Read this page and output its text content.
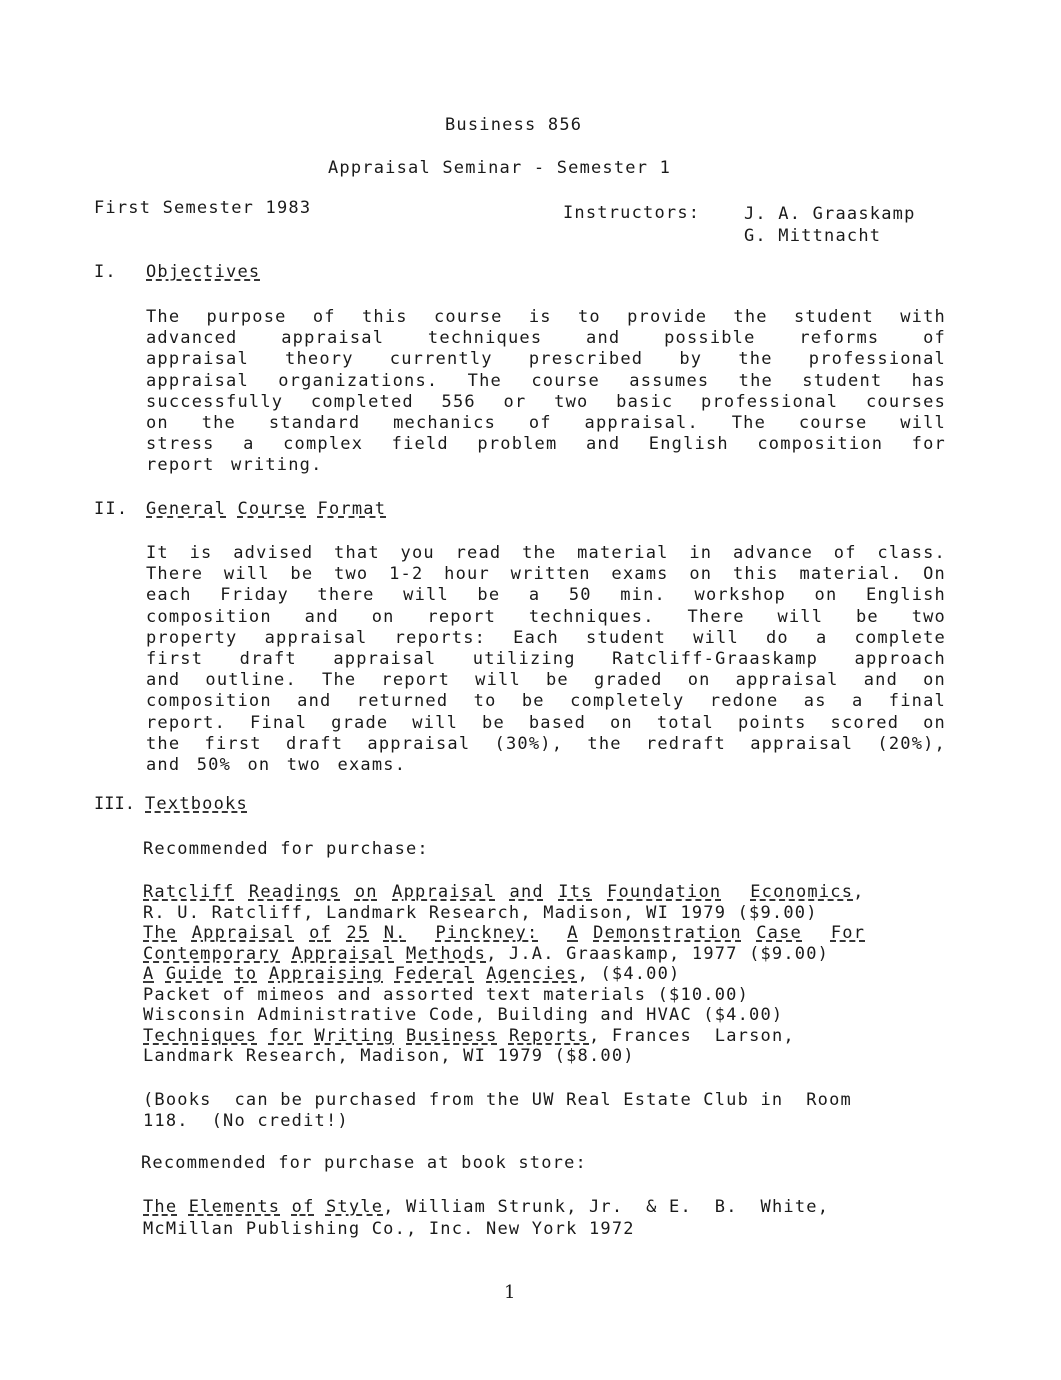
Business 856
Appraisal Seminar - Semester 1
First Semester 1983	Instructors:	J. A. Graaskamp
G. Mittnacht
I. Objectives
The purpose of this course is to provide the student with
advanced appraisal techniques and possible reforms of
appraisal theory currently prescribed by the professional
appraisal organizations. The course assumes the student has
successfully completed 556 or two basic professional courses
on the standard mechanics of appraisal. The course will
stress a complex field problem and English composition for
report writing.
II. General Course Format
It is advised that you read the material in advance of class.
There will be two 1-2 hour written exams on this material. On
each Friday there will be a 50 min. workshop on English
composition and on report techniques. There will be two
property appraisal reports: Each student will do a complete
first draft appraisal utilizing Ratcliff-Graaskamp approach
and outline. The report will be graded on appraisal and on
composition and returned to be completely redone as a final
report. Final grade will be based on total points scored on
the first draft appraisal (30%), the redraft appraisal (20%),
and 50% on two exams.
III. Textbooks
Recommended for purchase:
Ratcliff Readings on Appraisal and Its Foundation Economics,
R. U. Ratcliff, Landmark Research, Madison, WI 1979 ($9.00)
The Appraisal of 25 N. Pinckney: A Demonstration Case For
Contemporary Appraisal Methods, J.A. Graaskamp, 1977 ($9.00)
A Guide to Appraising Federal Agencies, ($4.00)
Packet of mimeos and assorted text materials ($10.00)
Wisconsin Administrative Code, Building and HVAC ($4.00)
Techniques for Writing Business Reports, Frances  Larson,
Landmark Research, Madison, WI 1979 ($8.00)
(Books  can be purchased from the UW Real Estate Club in  Room
118.  (No credit!)
Recommended for purchase at book store:
The Elements of Style, William Strunk, Jr.  & E.  B.  White,
McMillan Publishing Co., Inc. New York 1972
1
